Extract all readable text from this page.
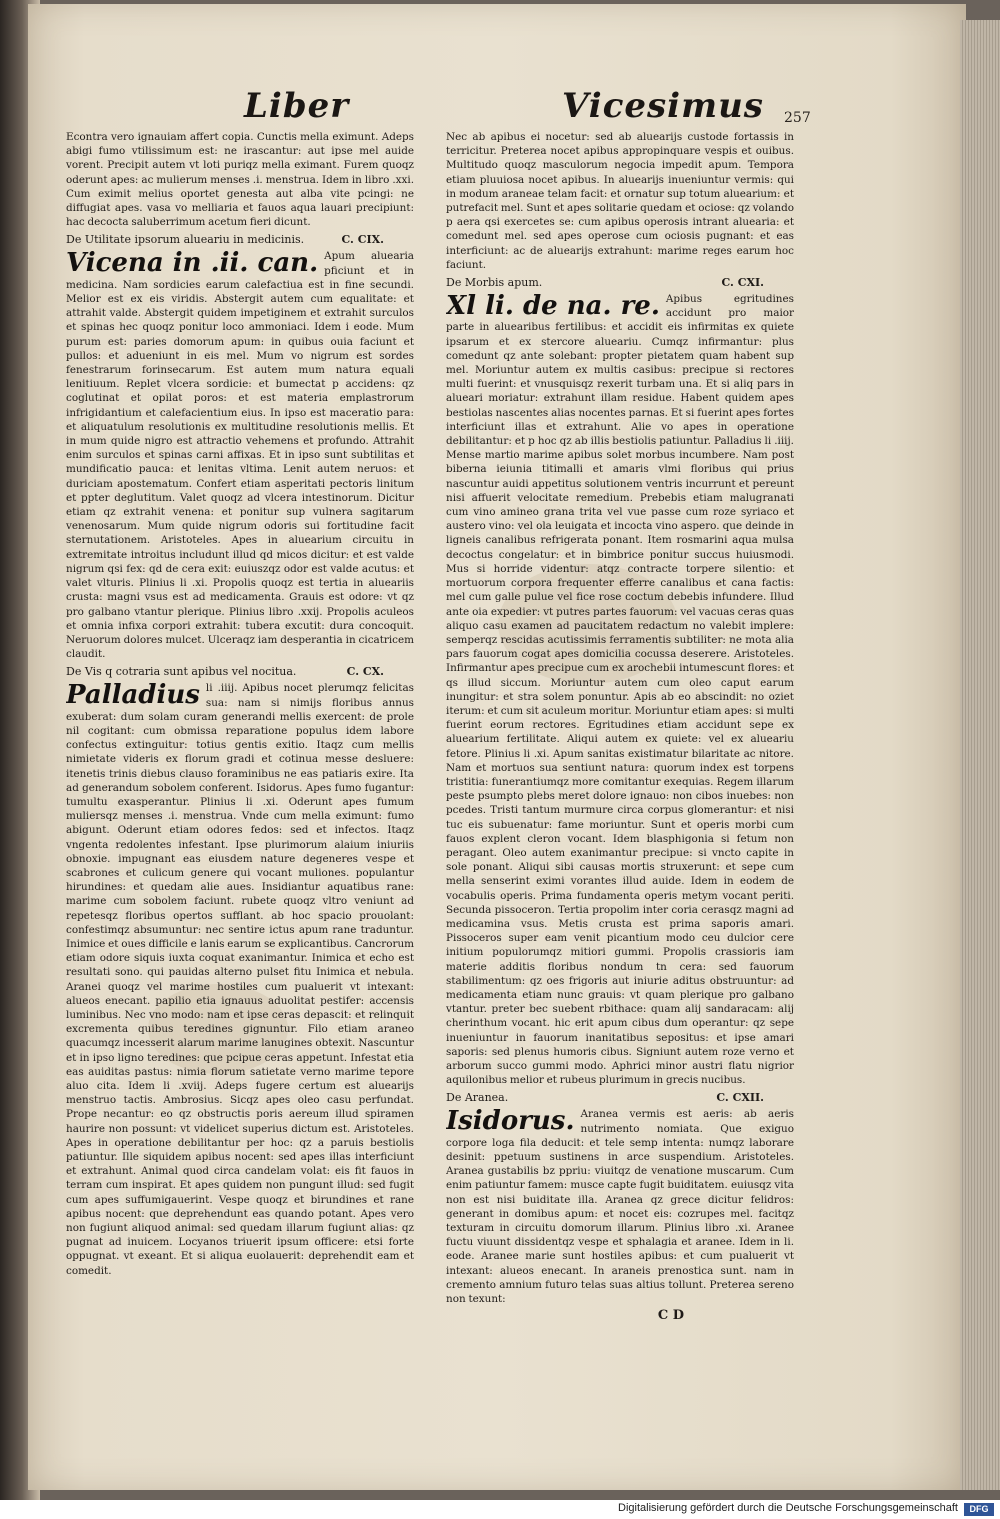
Liber	Vicesimus 257

Econtra vero ignauiam affert copia. Cunctis mella eximunt. Adeps abigi fumo vtilissimum est: ne irascantur: aut ipse mel auide vorent. Precipit autem vt loti puriqz mella eximant. Furem quoqz oderunt apes: ac mulierum menses .i. menstrua. Idem in libro .xxi. Cum eximit melius oportet genesta aut alba vite pcingi: ne diffugiat apes. vasa vo melliaria et fauos aqua lauari precipiunt: hac decocta saluberrimum acetum fieri dicunt.

De Utilitate ipsorum alueariu in medicinis.	C. CIX.
Vicena in .ii. can. Apum aluearia pficiunt et in medicina. Nam sordicies earum calefactiua est in fine secundi. Melior est ex eis viridis. Abstergit autem cum equalitate: et attrahit valde. Abstergit quidem impetiginem et extrahit surculos et spinas hec quoqz ponitur loco ammoniaci. Idem i eode. Mum purum est: paries domorum apum: in quibus ouia faciunt et pullos: et adueniunt in eis mel. Mum vo nigrum est sordes fenestrarum forinsecarum. Est autem mum natura equali lenitiuum. Replet vlcera sordicie: et bumectat p accidens: qz coglutinat et opilat poros: et est materia emplastrorum infrigidantium et calefacientium eius. In ipso est maceratio para: et aliquatulum resolutionis ex multitudine resolutionis mellis. Et in mum quide nigro est attractio vehemens et profundo. Attrahit enim surculos et spinas carni affixas. Et in ipso sunt subtilitas et mundificatio pauca: et lenitas vltima. Lenit autem neruos: et duriciam apostematum. Confert etiam asperitati pectoris linitum et ppter deglutitum. Valet quoqz ad vlcera intestinorum. Dicitur etiam qz extrahit venena: et ponitur sup vulnera sagitarum venenosarum. Mum quide nigrum odoris sui fortitudine facit sternutationem. Aristoteles. Apes in aluearium circuitu in extremitate introitus includunt illud qd micos dicitur: et est valde nigrum qsi fex: qd de cera exit: euiuszqz odor est valde acutus: et valet vlturis. Plinius li .xi. Propolis quoqz est tertia in alueariis crusta: magni vsus est ad medicamenta. Grauis est odore: vt qz pro galbano vtantur plerique. Plinius libro .xxij. Propolis aculeos et omnia infixa corpori extrahit: tubera excutit: dura concoquit. Neruorum dolores mulcet. Ulceraqz iam desperantia in cicatricem claudit.

De Vis q cotraria sunt apibus vel nocitua.	C. CX.
Palladius li .iiij. Apibus nocet plerumqz felicitas sua: nam si nimijs floribus annus exuberat: dum solam curam generandi mellis exercent: de prole nil cogitant: cum obmissa reparatione populus idem labore confectus extinguitur: totius gentis exitio. Itaqz cum mellis nimietate videris ex florum gradi et cotinua messe desluere: itenetis trinis diebus clauso foraminibus ne eas patiaris exire. Ita ad generandum sobolem conferent. Isidorus. Apes fumo fugantur: tumultu exasperantur. Plinius li .xi. Oderunt apes fumum muliersqz menses .i. menstrua. Vnde cum mella eximunt: fumo abigunt. Oderunt etiam odores fedos: sed et infectos. Itaqz vngenta redolentes infestant. Ipse plurimorum alaium iniuriis obnoxie. impugnant eas eiusdem nature degeneres vespe et scabrones et culicum genere qui vocant muliones. populantur hirundines: et quedam alie aues. Insidiantur aquatibus rane: marime cum sobolem faciunt. rubete quoqz vltro veniunt ad repetesqz floribus opertos sufflant. ab hoc spacio prouolant: confestimqz absumuntur: nec sentire ictus apum rane traduntur. Inimice et oues difficile e lanis earum se explicantibus. Cancrorum etiam odore siquis iuxta coquat exanimantur. Inimica et echo est resultati sono. qui pauidas alterno pulset fitu Inimica et nebula. Aranei quoqz vel marime hostiles cum pualuerit vt intexant: alueos enecant. papilio etia ignauus aduolitat pestifer: accensis luminibus. Nec vno modo: nam et ipse ceras depascit: et relinquit excrementa quibus teredines gignuntur. Filo etiam araneo quacumqz incesserit alarum marime lanugines obtexit. Nascuntur et in ipso ligno teredines: que pcipue ceras appetunt. Infestat etia eas auiditas pastus: nimia florum satietate verno marime tepore aluo cita. Idem li .xviij. Adeps fugere certum est aluearijs menstruo tactis. Ambrosius. Sicqz apes oleo casu perfundat. Prope necantur: eo qz obstructis poris aereum illud spiramen haurire non possunt: vt videlicet superius dictum est. Aristoteles. Apes in operatione debilitantur per hoc: qz a paruis bestiolis patiuntur. Ille siquidem apibus nocent: sed apes illas interficiunt et extrahunt. Animal quod circa candelam volat: eis fit fauos in terram cum inspirat. Et apes quidem non pungunt illud: sed fugit cum apes suffumigauerint. Vespe quoqz et birundines et rane apibus nocent: que deprehendunt eas quando potant. Apes vero non fugiunt aliquod animal: sed quedam illarum fugiunt alias: qz pugnat ad inuicem. Locyanos triuerit ipsum officere: etsi forte oppugnat. vt exeant. Et si aliqua euolauerit: deprehendit eam et comedit.

Nec ab apibus ei nocetur: sed ab aluearijs custode fortassis in terricitur. Preterea nocet apibus appropinquare vespis et ouibus. Multitudo quoqz masculorum negocia impedit apum. Tempora etiam pluuiosa nocet apibus. In aluearijs inueniuntur vermis: qui in modum araneae telam facit: et ornatur sup totum aluearium: et putrefacit mel. Sunt et apes solitarie quedam et ociose: qz volando p aera qsi exercetes se: cum apibus operosis intrant aluearia: et comedunt mel. sed apes operose cum ociosis pugnant: et eas interficiunt: ac de aluearijs extrahunt: marime reges earum hoc faciunt.

De Morbis apum.	C. CXI.
Xl li. de na. re. Apibus egritudines accidunt pro maior parte in aluearibus fertilibus: et accidit eis infirmitas ex quiete ipsarum et ex stercore alueariu. Cumqz infirmantur: plus comedunt qz ante solebant: propter pietatem quam habent sup mel. Moriuntur autem ex multis casibus: precipue si rectores multi fuerint: et vnusquisqz rexerit turbam una. Et si aliq pars in alueari moriatur: extrahunt illam residue. Habent quidem apes bestiolas nascentes alias nocentes parnas. Et si fuerint apes fortes interficiunt illas et extrahunt. Alie vo apes in operatione debilitantur: et p hoc qz ab illis bestiolis patiuntur. Palladius li .iiij. Mense martio marime apibus solet morbus incumbere. Nam post biberna ieiunia titimalli et amaris vlmi floribus qui prius nascuntur auidi appetitus solutionem ventris incurrunt et pereunt nisi affuerit velocitate remedium. Prebebis etiam malugranati cum vino amineo grana trita vel vue passe cum roze syriaco et austero vino: vel ola leuigata et incocta vino aspero. que deinde in ligneis canalibus refrigerata ponant. Item rosmarini aqua mulsa decoctus congelatur: et in bimbrice ponitur succus huiusmodi. Mus si horride videntur: atqz contracte torpere silentio: et mortuorum corpora frequenter efferre canalibus et cana factis: mel cum galle pulue vel fice rose coctum debebis infundere. Illud ante oia expedier: vt putres partes fauorum: vel vacuas ceras quas aliquo casu examen ad paucitatem redactum no valebit implere: semperqz rescidas acutissimis ferramentis subtiliter: ne mota alia pars fauorum cogat apes domicilia cocussa deserere. Aristoteles. Infirmantur apes precipue cum ex arochebii intumescunt flores: et qs illud siccum. Moriuntur autem cum oleo caput earum inungitur: et stra solem ponuntur. Apis ab eo abscindit: no oziet iterum: et cum sit aculeum moritur. Moriuntur etiam apes: si multi fuerint eorum rectores. Egritudines etiam accidunt sepe ex aluearium fertilitate. Aliqui autem ex quiete: vel ex alueariu fetore. Plinius li .xi. Apum sanitas existimatur bilaritate ac nitore. Nam et mortuos sua sentiunt natura: quorum index est torpens tristitia: funerantiumqz more comitantur exequias. Regem illarum peste psumpto plebs meret dolore ignauo: non cibos inuebes: non pcedes. Tristi tantum murmure circa corpus glomerantur: et nisi tuc eis subuenatur: fame moriuntur. Sunt et operis morbi cum fauos explent cleron vocant. Idem blasphigonia si fetum non peragant. Oleo autem exanimantur precipue: si vncto capite in sole ponant. Aliqui sibi causas mortis struxerunt: et sepe cum mella senserint eximi vorantes illud auide. Idem in eodem de vocabulis operis. Prima fundamenta operis metym vocant periti. Secunda pissoceron. Tertia propolim inter coria cerasqz magni ad medicamina vsus. Metis crusta est prima saporis amari. Pissoceros super eam venit picantium modo ceu dulcior cere initium populorumqz mitiori gummi. Propolis crassioris iam materie additis floribus nondum tn cera: sed fauorum stabilimentum: qz oes frigoris aut iniurie aditus obstruuntur: ad medicamenta etiam nunc grauis: vt quam plerique pro galbano vtantur. preter bec suebent rbithace: quam alij sandaracam: alij cherinthum vocant. hic erit apum cibus dum operantur: qz sepe inueniuntur in fauorum inanitatibus sepositus: et ipse amari saporis: sed plenus humoris cibus. Signiunt autem roze verno et arborum succo gummi modo. Aphrici minor austri flatu nigrior aquilonibus melior et rubeus plurimum in grecis nucibus.

De Aranea.	C. CXII.
Isidorus. Aranea vermis est aeris: ab aeris nutrimento nomiata. Que exiguo corpore loga fila deducit: et tele semp intenta: numqz laborare desinit: ppetuum sustinens in arce suspendium. Aristoteles. Aranea gustabilis bz ppriu: viuitqz de venatione muscarum. Cum enim patiuntur famem: musce capte fugit buiditatem. euiusqz vita non est nisi buiditate illa. Aranea qz grece dicitur felidros: generant in domibus apum: et nocet eis: cozrupes mel. facitqz texturam in circuitu domorum illarum. Plinius libro .xi. Aranee fuctu viuunt dissidentqz vespe et sphalagia et aranee. Idem in li. eode. Aranee marie sunt hostiles apibus: et cum pualuerit vt intexant: alueos enecant. In araneis prenostica sunt. nam in cremento amnium futuro telas suas altius tollunt. Preterea sereno non texunt:

C D
Digitalisierung gefördert durch die Deutsche Forschungsgemeinschaft	DFG
